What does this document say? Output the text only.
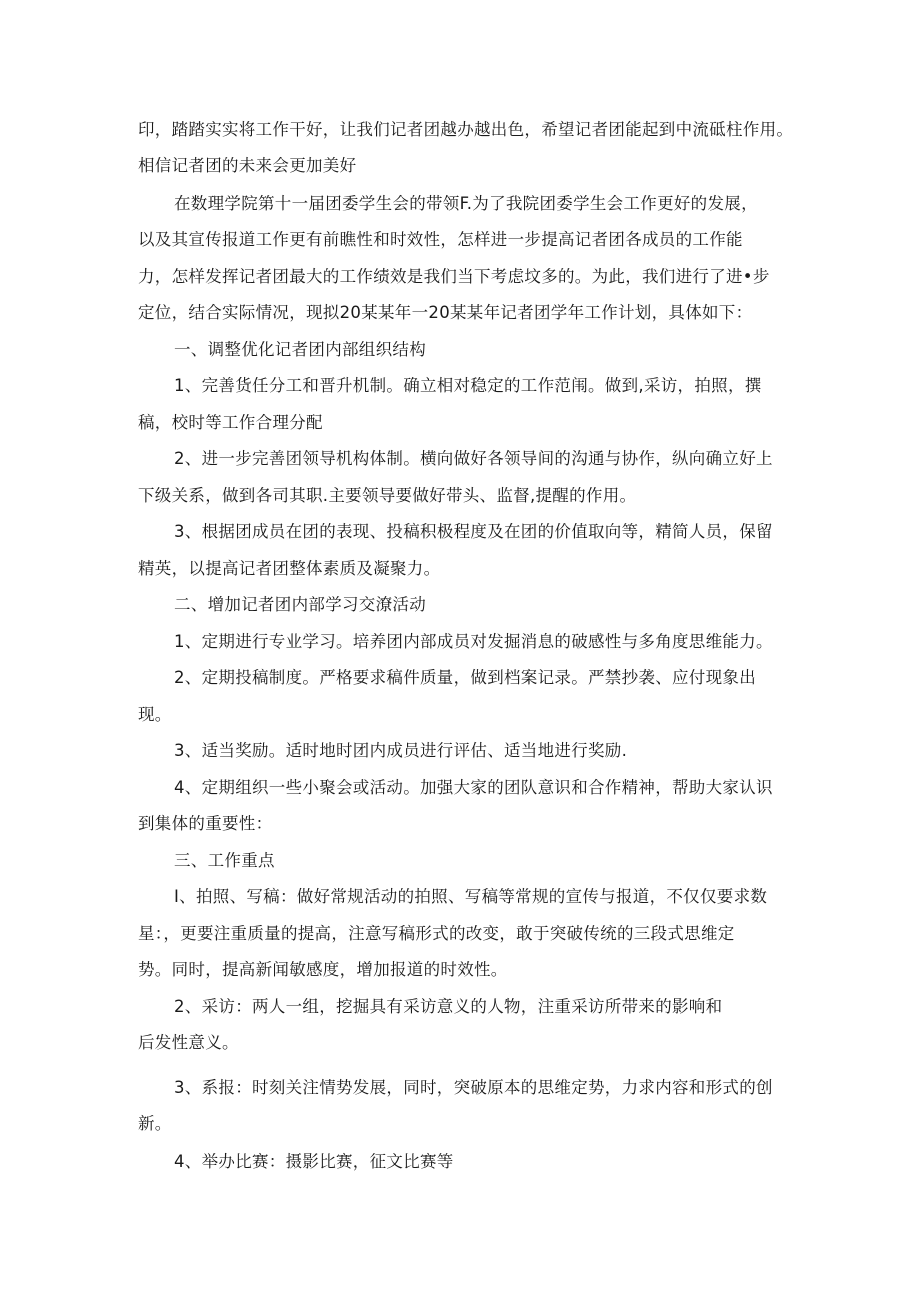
印，踏踏实实将工作干好，让我们记者团越办越出色，希望记者团能起到中流砥柱作用。

相信记者团的未来会更加美好

在数理学院第十一届团委学生会的带领F.为了我院团委学生会工作更好的发展，

以及其宣传报道工作更有前瞧性和时效性，怎样进一步提高记者团各成员的工作能

力，怎样发挥记者团最大的工作绩效是我们当下考虑坟多的。为此，我们进行了进•步

定位，结合实际情况，现拟20某某年一20某某年记者团学年工作计划，具体如下：

一、调整优化记者团内部组织结构

1、完善货任分工和晋升机制。确立相对稳定的工作范闱。做到,采访，拍照，撰

稿，校时等工作合理分配

2、进一步完善团领导机构体制。横向做好各领导间的沟通与协作，纵向确立好上

下级关系，做到各司其职.主要领导要做好带头、监督,提醒的作用。

3、根据团成员在团的表现、投稿积极程度及在团的价值取向等，精简人员，保留

精英，以提高记者团整体素质及凝聚力。

二、增加记者团内部学习交潦活动

1、定期进行专业学习。培养团内部成员对发掘消息的破感性与多角度思维能力。

2、定期投稿制度。严格要求稿件质量，做到档案记录。严禁抄袭、应付现象出

现。

3、适当奖励。适时地时团内成员进行评估、适当地进行奖励.

4、定期组织一些小聚会或活动。加强大家的团队意识和合作精神，帮助大家认识

到集体的重要性：

三、工作重点

I、拍照、写稿：做好常规活动的拍照、写稿等常规的宣传与报道，不仅仅要求数

星：，更要注重质量的提高，注意写稿形式的改变，敢于突破传统的三段式思维定

势。同时，提高新闻敏感度，增加报道的时效性。

2、采访：两人一组，挖掘具有采访意义的人物，注重采访所带来的影响和

后发性意义。

3、系报：时刻关注情势发展，同时，突破原本的思维定势，力求内容和形式的创

新。

4、举办比赛：摄影比赛，征文比赛等
